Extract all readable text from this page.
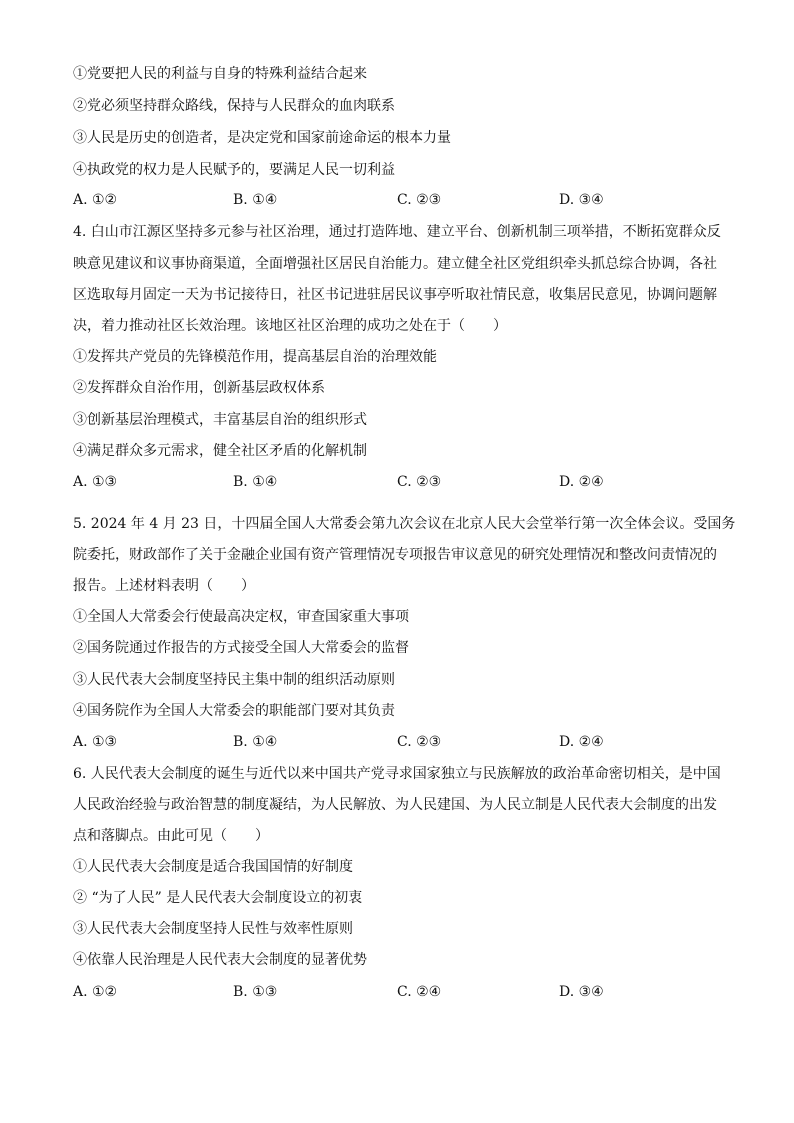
①党要把人民的利益与自身的特殊利益结合起来
②党必须坚持群众路线，保持与人民群众的血肉联系
③人民是历史的创造者，是决定党和国家前途命运的根本力量
④执政党的权力是人民赋予的，要满足人民一切利益
A. ①②	B. ①④	C. ②③	D. ③④
4. 白山市江源区坚持多元参与社区治理，通过打造阵地、建立平台、创新机制三项举措，不断拓宽群众反
映意见建议和议事协商渠道，全面增强社区居民自治能力。建立健全社区党组织牵头抓总综合协调，各社
区选取每月固定一天为书记接待日，社区书记进驻居民议事亭听取社情民意，收集居民意见，协调问题解
决，着力推动社区长效治理。该地区社区治理的成功之处在于（　　）
①发挥共产党员的先锋模范作用，提高基层自治的治理效能
②发挥群众自治作用，创新基层政权体系
③创新基层治理模式，丰富基层自治的组织形式
④满足群众多元需求，健全社区矛盾的化解机制
A. ①③	B. ①④	C. ②③	D. ②④
5. 2024 年 4 月 23 日，十四届全国人大常委会第九次会议在北京人民大会堂举行第一次全体会议。受国务
院委托，财政部作了关于金融企业国有资产管理情况专项报告审议意见的研究处理情况和整改问责情况的
报告。上述材料表明（　　）
①全国人大常委会行使最高决定权，审查国家重大事项
②国务院通过作报告的方式接受全国人大常委会的监督
③人民代表大会制度坚持民主集中制的组织活动原则
④国务院作为全国人大常委会的职能部门要对其负责
A. ①③	B. ①④	C. ②③	D. ②④
6. 人民代表大会制度的诞生与近代以来中国共产党寻求国家独立与民族解放的政治革命密切相关，是中国
人民政治经验与政治智慧的制度凝结，为人民解放、为人民建国、为人民立制是人民代表大会制度的出发
点和落脚点。由此可见（　　）
①人民代表大会制度是适合我国国情的好制度
② “为了人民” 是人民代表大会制度设立的初衷
③人民代表大会制度坚持人民性与效率性原则
④依靠人民治理是人民代表大会制度的显著优势
A. ①②	B. ①③	C. ②④	D. ③④
